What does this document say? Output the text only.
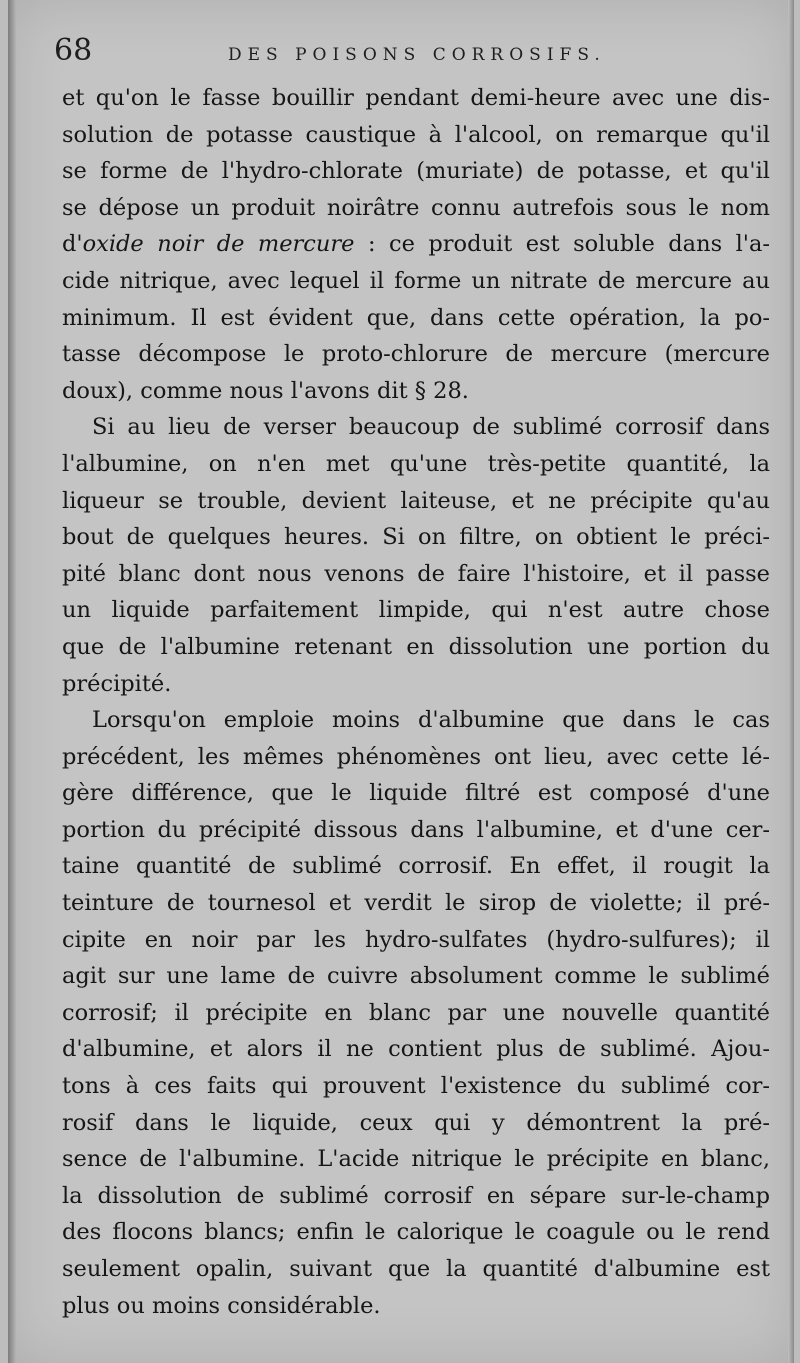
68	DES POISONS CORROSIFS.
et qu'on le fasse bouillir pendant demi-heure avec une dis-
solution de potasse caustique à l'alcool, on remarque qu'il
se forme de l'hydro-chlorate (muriate) de potasse, et qu'il
se dépose un produit noirâtre connu autrefois sous le nom
d'oxide noir de mercure : ce produit est soluble dans l'a-
cide nitrique, avec lequel il forme un nitrate de mercure au
minimum. Il est évident que, dans cette opération, la po-
tasse décompose le proto-chlorure de mercure (mercure
doux), comme nous l'avons dit § 28.
Si au lieu de verser beaucoup de sublimé corrosif dans
l'albumine, on n'en met qu'une très-petite quantité, la
liqueur se trouble, devient laiteuse, et ne précipite qu'au
bout de quelques heures. Si on filtre, on obtient le préci-
pité blanc dont nous venons de faire l'histoire, et il passe
un liquide parfaitement limpide, qui n'est autre chose
que de l'albumine retenant en dissolution une portion du
précipité.
Lorsqu'on emploie moins d'albumine que dans le cas
précédent, les mêmes phénomènes ont lieu, avec cette lé-
gère différence, que le liquide filtré est composé d'une
portion du précipité dissous dans l'albumine, et d'une cer-
taine quantité de sublimé corrosif. En effet, il rougit la
teinture de tournesol et verdit le sirop de violette; il pré-
cipite en noir par les hydro-sulfates (hydro-sulfures); il
agit sur une lame de cuivre absolument comme le sublimé
corrosif; il précipite en blanc par une nouvelle quantité
d'albumine, et alors il ne contient plus de sublimé. Ajou-
tons à ces faits qui prouvent l'existence du sublimé cor-
rosif dans le liquide, ceux qui y démontrent la pré-
sence de l'albumine. L'acide nitrique le précipite en blanc,
la dissolution de sublimé corrosif en sépare sur-le-champ
des flocons blancs; enfin le calorique le coagule ou le rend
seulement opalin, suivant que la quantité d'albumine est
plus ou moins considérable.
